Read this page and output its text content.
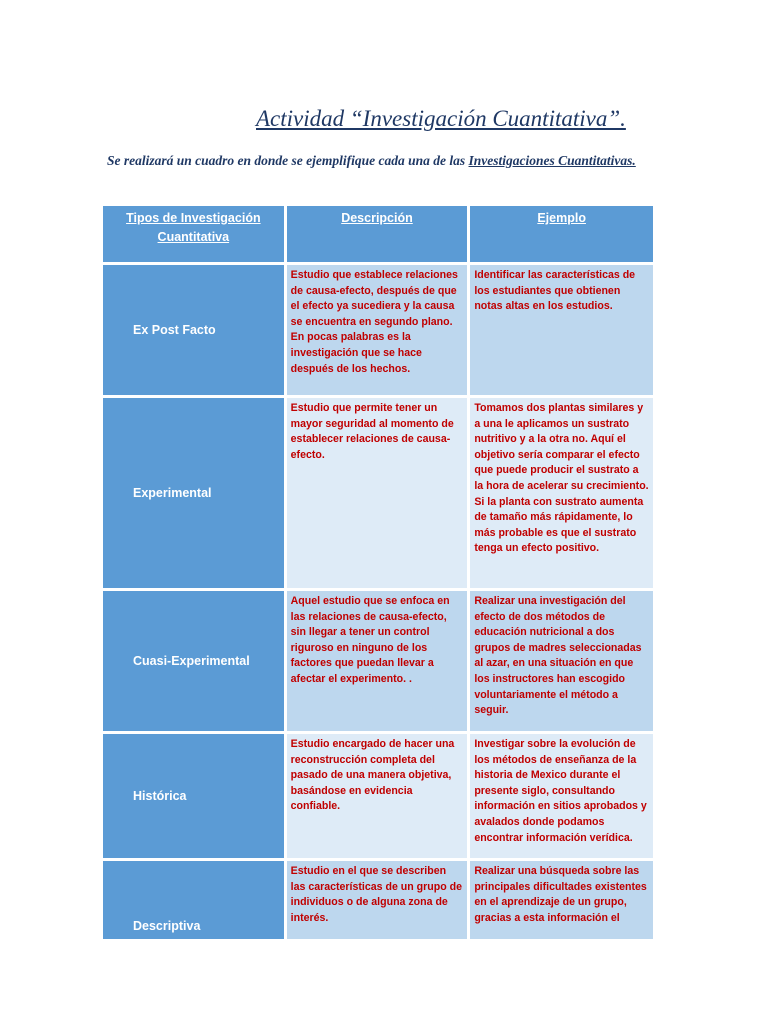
Actividad “Investigación Cuantitativa”.
Se realizará un cuadro en donde se ejemplifique cada una de las Investigaciones Cuantitativas.
Tipos de Investigación Cuantitativa	Descripción	Ejemplo
Ex Post Facto	Estudio que establece relaciones de causa-efecto, después de que el efecto ya sucediera y la causa se encuentra en segundo plano. En pocas palabras es la investigación que se hace después de los hechos.	Identificar las características de los estudiantes que obtienen notas altas en los estudios.
Experimental	Estudio que permite tener un mayor seguridad al momento de establecer relaciones de causa-efecto.	Tomamos dos plantas similares y a una le aplicamos un sustrato nutritivo y a la otra no. Aquí el objetivo sería comparar el efecto que puede producir el sustrato a la hora de acelerar su crecimiento. Si la planta con sustrato aumenta de tamaño más rápidamente, lo más probable es que el sustrato tenga un efecto positivo.
Cuasi-Experimental	Aquel estudio que se enfoca en las relaciones de causa-efecto, sin llegar a tener un control riguroso en ninguno de los factores que puedan llevar a afectar el experimento. .	Realizar una investigación del efecto de dos métodos de educación nutricional a dos grupos de madres seleccionadas al azar, en una situación en que los instructores han escogido voluntariamente el método a seguir.
Histórica	Estudio encargado de hacer una reconstrucción completa del pasado de una manera objetiva, basándose en evidencia confiable.	Investigar sobre la evolución de los métodos de enseñanza de la historia de Mexico durante el presente siglo, consultando información en sitios aprobados y avalados donde podamos encontrar información verídica.
Descriptiva	Estudio en el que se describen las características de un grupo de individuos o de alguna zona de interés.	Realizar una búsqueda sobre las principales dificultades existentes
en el aprendizaje de un grupo, gracias a esta información el
